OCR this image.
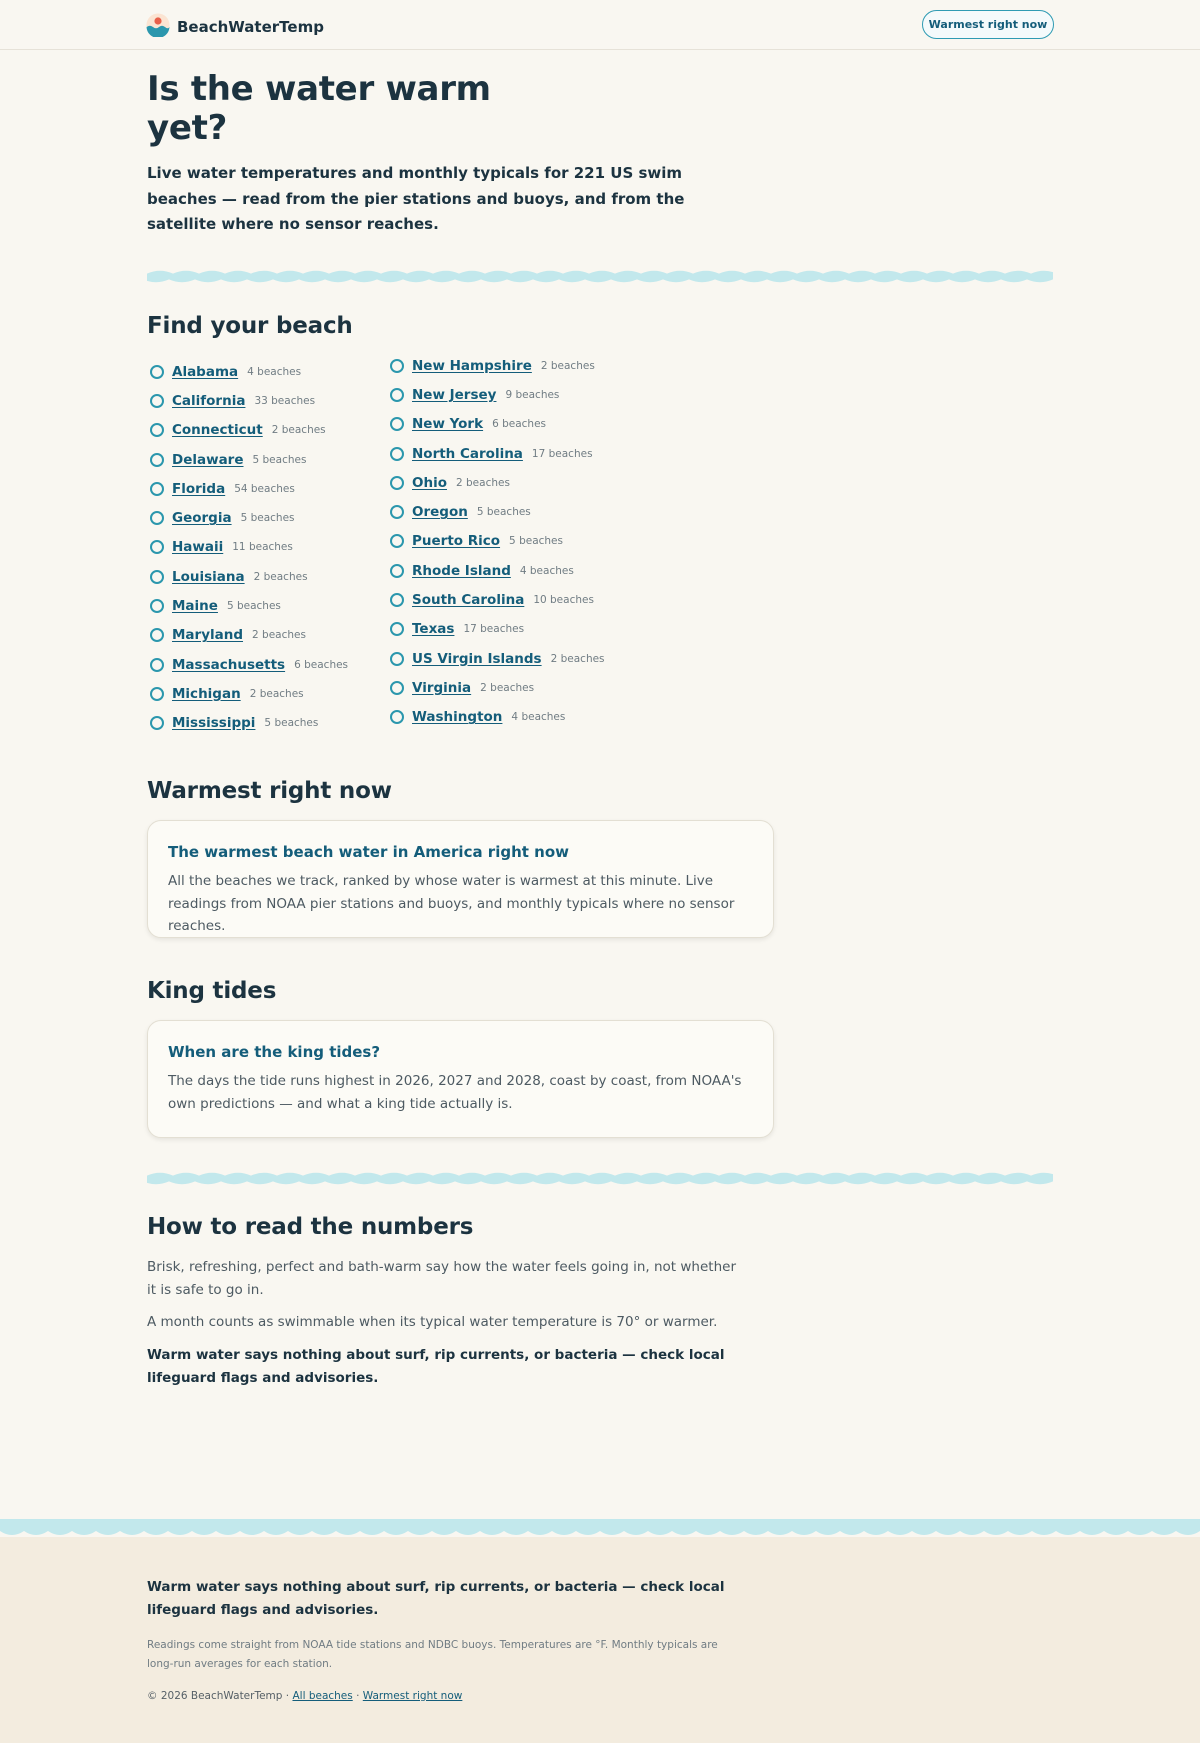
BeachWaterTemp	Warmest right now
Is the water warm
yet?

Live water temperatures and monthly typicals for 221 US swim beaches — read from the pier stations and buoys, and from the satellite where no sensor reaches.

Find your beach
Alabama 4 beaches
California 33 beaches
Connecticut 2 beaches
Delaware 5 beaches
Florida 54 beaches
Georgia 5 beaches
Hawaii 11 beaches
Louisiana 2 beaches
Maine 5 beaches
Maryland 2 beaches
Massachusetts 6 beaches
Michigan 2 beaches
Mississippi 5 beaches
New Hampshire 2 beaches
New Jersey 9 beaches
New York 6 beaches
North Carolina 17 beaches
Ohio 2 beaches
Oregon 5 beaches
Puerto Rico 5 beaches
Rhode Island 4 beaches
South Carolina 10 beaches
Texas 17 beaches
US Virgin Islands 2 beaches
Virginia 2 beaches
Washington 4 beaches
Warmest right now
The warmest beach water in America right now

All the beaches we track, ranked by whose water is warmest at this minute. Live readings from NOAA pier stations and buoys, and monthly typicals where no sensor reaches.

King tides
When are the king tides?

The days the tide runs highest in 2026, 2027 and 2028, coast by coast, from NOAA's own predictions — and what a king tide actually is.

How to read the numbers

Brisk, refreshing, perfect and bath-warm say how the water feels going in, not whether it is safe to go in.

A month counts as swimmable when its typical water temperature is 70° or warmer.

Warm water says nothing about surf, rip currents, or bacteria — check local lifeguard flags and advisories.

Warm water says nothing about surf, rip currents, or bacteria — check local lifeguard flags and advisories.

Readings come straight from NOAA tide stations and NDBC buoys. Temperatures are °F. Monthly typicals are long-run averages for each station.

© 2026 BeachWaterTemp · All beaches · Warmest right now
